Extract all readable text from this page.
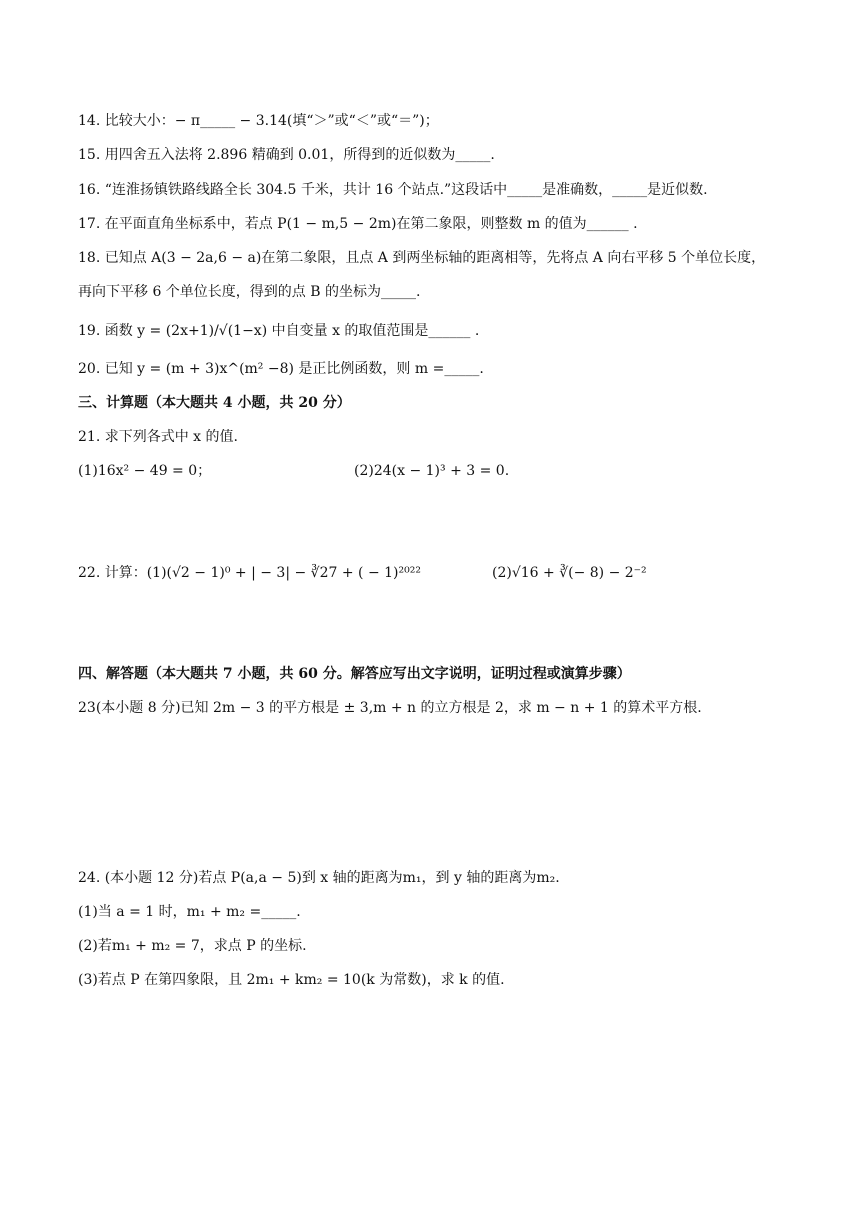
14. 比较大小：− π_____ − 3.14(填“＞”或“＜”或“＝”)；
15. 用四舍五入法将 2.896 精确到 0.01，所得到的近似数为_____.
16. “连淮扬镇铁路线路全长 304.5 千米，共计 16 个站点.”这段话中_____是准确数，_____是近似数.
17. 在平面直角坐标系中，若点 P(1 − m,5 − 2m)在第二象限，则整数 m 的值为______ .
18. 已知点 A(3 − 2a,6 − a)在第二象限，且点 A 到两坐标轴的距离相等，先将点 A 向右平移 5 个单位长度，
再向下平移 6 个单位长度，得到的点 B 的坐标为_____.
19. 函数 y = (2x+1)/√(1−x) 中自变量 x 的取值范围是______ .
20. 已知 y = (m + 3)x^(m² −8) 是正比例函数，则 m =_____.
三、计算题（本大题共 4 小题，共 20 分）
21. 求下列各式中 x 的值.
(1)16x² − 49 = 0；	(2)24(x − 1)³ + 3 = 0.
22. 计算：(1)(√2 − 1)⁰ + | − 3| − ∛27 + ( − 1)²⁰²²	(2)√16 + ∛(− 8) − 2⁻²
四、解答题（本大题共 7 小题，共 60 分。解答应写出文字说明，证明过程或演算步骤）
23(本小题 8 分)已知 2m − 3 的平方根是 ± 3,m + n 的立方根是 2，求 m − n + 1 的算术平方根.
24. (本小题 12 分)若点 P(a,a − 5)到 x 轴的距离为m₁，到 y 轴的距离为m₂.
(1)当 a = 1 时，m₁ + m₂ =_____.
(2)若m₁ + m₂ = 7，求点 P 的坐标.
(3)若点 P 在第四象限，且 2m₁ + km₂ = 10(k 为常数)，求 k 的值.
